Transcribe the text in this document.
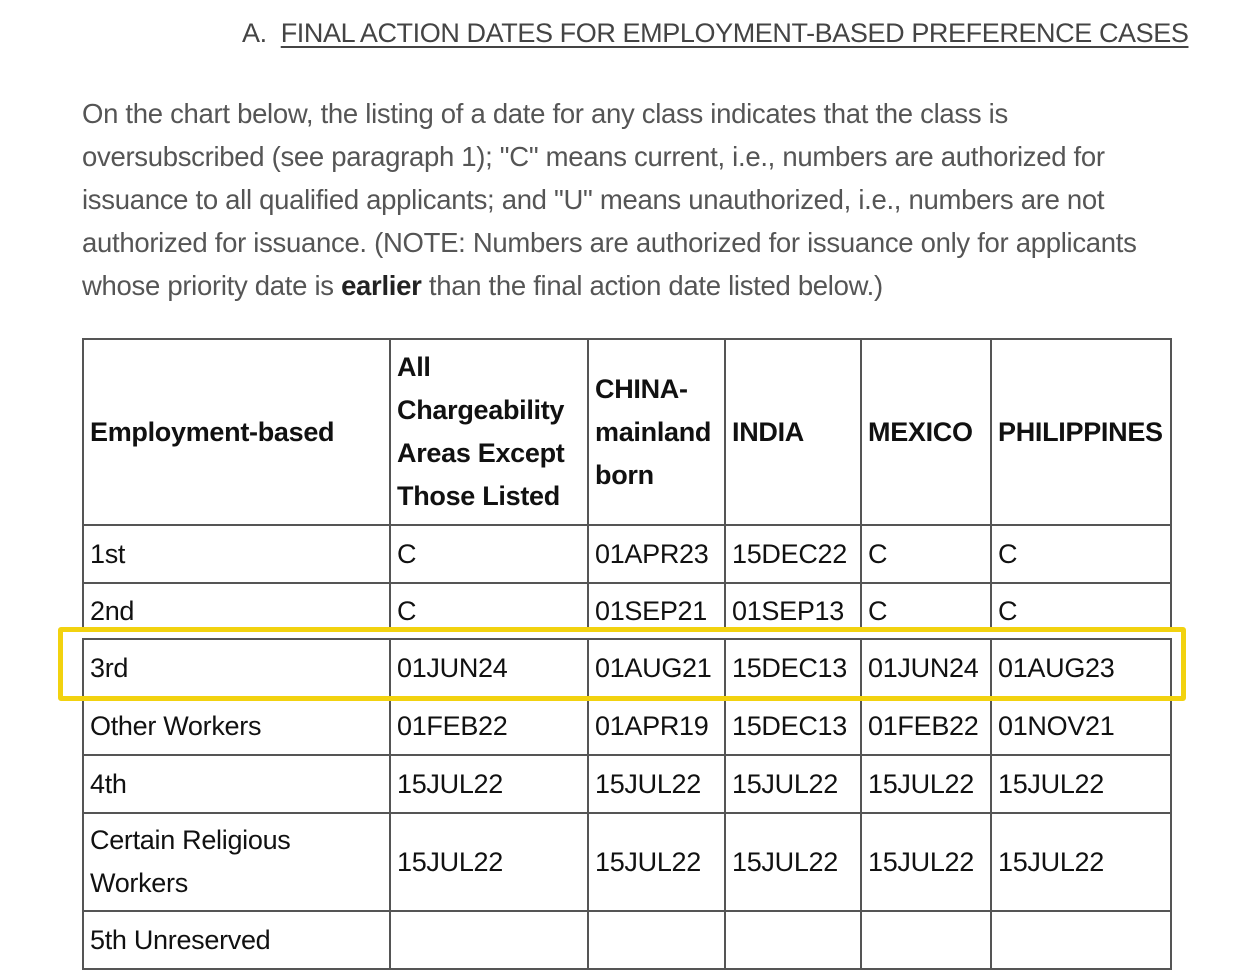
A. FINAL ACTION DATES FOR EMPLOYMENT-BASED PREFERENCE CASES

On the chart below, the listing of a date for any class indicates that the class is oversubscribed (see paragraph 1); "C" means current, i.e., numbers are authorized for issuance to all qualified applicants; and "U" means unauthorized, i.e., numbers are not authorized for issuance. (NOTE: Numbers are authorized for issuance only for applicants whose priority date is earlier than the final action date listed below.)

Employment-based	All Chargeability Areas Except Those Listed	CHINA-mainland born	INDIA	MEXICO	PHILIPPINES
1st	C	01APR23	15DEC22	C	C
2nd	C	01SEP21	01SEP13	C	C
3rd	01JUN24	01AUG21	15DEC13	01JUN24	01AUG23
Other Workers	01FEB22	01APR19	15DEC13	01FEB22	01NOV21
4th	15JUL22	15JUL22	15JUL22	15JUL22	15JUL22
Certain Religious Workers	15JUL22	15JUL22	15JUL22	15JUL22	15JUL22
5th Unreserved					
